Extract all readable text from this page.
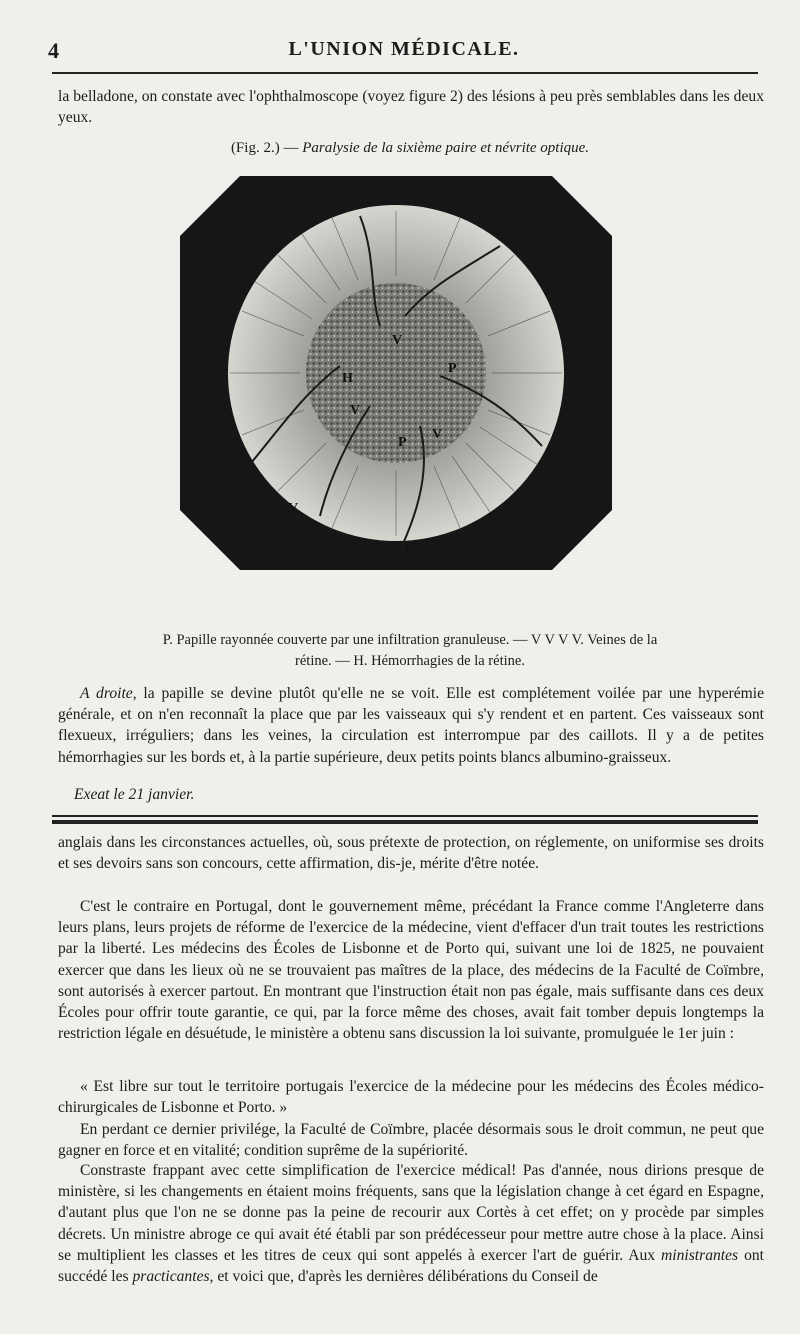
4	L'UNION MÉDICALE.
la belladone, on constate avec l'ophthalmoscope (voyez figure 2) des lésions à peu près semblables dans les deux yeux.
(Fig. 2.) — Paralysie de la sixième paire et névrite optique.
V
H
P
P
V
V
V
V
P. Papille rayonnée couverte par une infiltration granuleuse. — V V V V. Veines de la
rétine. — H. Hémorrhagies de la rétine.
A droite, la papille se devine plutôt qu'elle ne se voit. Elle est complétement voilée par une hyperémie générale, et on n'en reconnaît la place que par les vaisseaux qui s'y rendent et en partent. Ces vaisseaux sont flexueux, irréguliers; dans les veines, la circulation est interrompue par des caillots. Il y a de petites hémorrhagies sur les bords et, à la partie supérieure, deux petits points blancs albumino-graisseux.
Exeat le 21 janvier.
anglais dans les circonstances actuelles, où, sous prétexte de protection, on réglemente, on uniformise ses droits et ses devoirs sans son concours, cette affirmation, dis-je, mérite d'être notée.
C'est le contraire en Portugal, dont le gouvernement même, précédant la France comme l'Angleterre dans leurs plans, leurs projets de réforme de l'exercice de la médecine, vient d'effacer d'un trait toutes les restrictions par la liberté. Les médecins des Écoles de Lisbonne et de Porto qui, suivant une loi de 1825, ne pouvaient exercer que dans les lieux où ne se trouvaient pas maîtres de la place, des médecins de la Faculté de Coïmbre, sont autorisés à exercer partout. En montrant que l'instruction était non pas égale, mais suffisante dans ces deux Écoles pour offrir toute garantie, ce qui, par la force même des choses, avait fait tomber depuis longtemps la restriction légale en désuétude, le ministère a obtenu sans discussion la loi suivante, promulguée le 1er juin :
« Est libre sur tout le territoire portugais l'exercice de la médecine pour les médecins des Écoles médico-chirurgicales de Lisbonne et Porto. »
En perdant ce dernier privilége, la Faculté de Coïmbre, placée désormais sous le droit commun, ne peut que gagner en force et en vitalité; condition suprême de la supériorité.
Constraste frappant avec cette simplification de l'exercice médical! Pas d'année, nous dirions presque de ministère, si les changements en étaient moins fréquents, sans que la législation change à cet égard en Espagne, d'autant plus que l'on ne se donne pas la peine de recourir aux Cortès à cet effet; on y procède par simples décrets. Un ministre abroge ce qui avait été établi par son prédécesseur pour mettre autre chose à la place. Ainsi se multiplient les classes et les titres de ceux qui sont appelés à exercer l'art de guérir. Aux ministrantes ont succédé les practicantes, et voici que, d'après les dernières délibérations du Conseil de
